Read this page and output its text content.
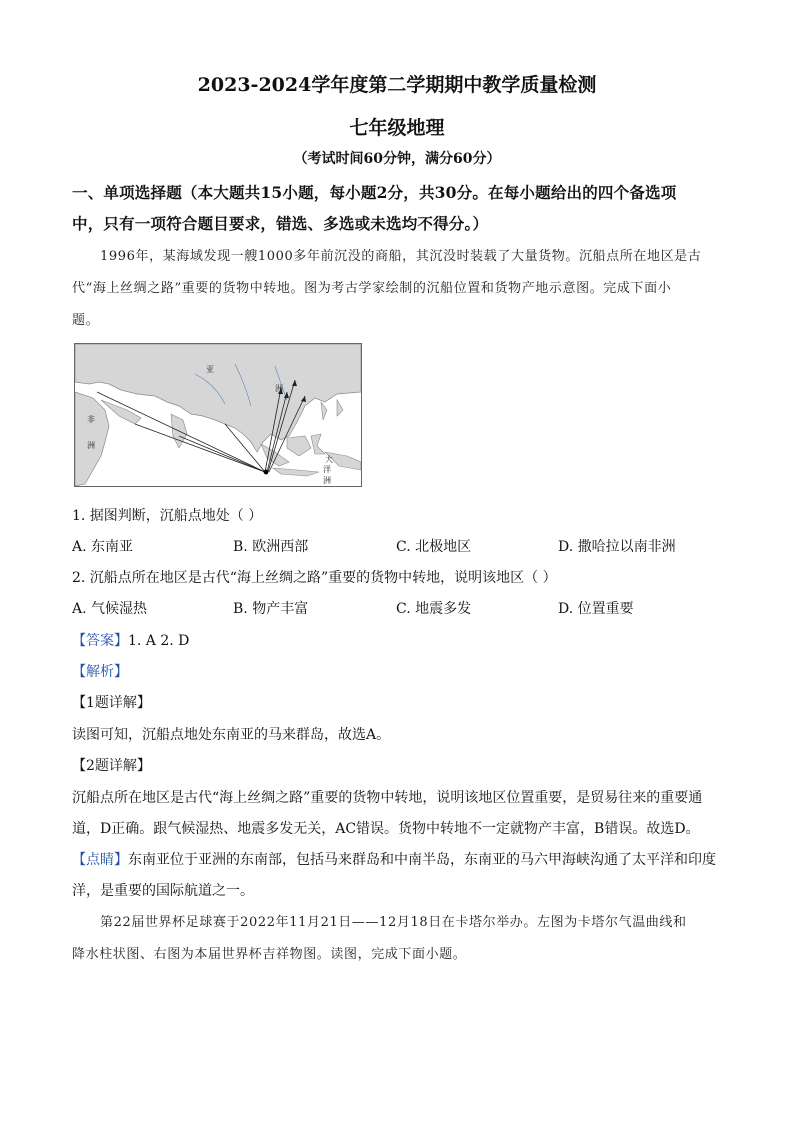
2023-2024学年度第二学期期中教学质量检测
七年级地理
（考试时间60分钟，满分60分）
一、单项选择题（本大题共15小题，每小题2分，共30分。在每小题给出的四个备选项
中，只有一项符合题目要求，错选、多选或未选均不得分。）
1996年，某海域发现一艘1000多年前沉没的商船，其沉没时装载了大量货物。沉船点所在地区是古
代“海上丝绸之路”重要的货物中转地。图为考古学家绘制的沉船位置和货物产地示意图。完成下面小
题。
亚
洲
非
洲
大
洋
洲
1. 据图判断，沉船点地处（ ）
A. 东南亚	B. 欧洲西部	C. 北极地区	D. 撒哈拉以南非洲
2. 沉船点所在地区是古代“海上丝绸之路”重要的货物中转地，说明该地区（ ）
A. 气候湿热	B. 物产丰富	C. 地震多发	D. 位置重要
【答案】1. A 2. D
【解析】
【1题详解】
读图可知，沉船点地处东南亚的马来群岛，故选A。
【2题详解】
沉船点所在地区是古代“海上丝绸之路”重要的货物中转地，说明该地区位置重要，是贸易往来的重要通
道，D正确。跟气候湿热、地震多发无关，AC错误。货物中转地不一定就物产丰富，B错误。故选D。
【点睛】东南亚位于亚洲的东南部，包括马来群岛和中南半岛，东南亚的马六甲海峡沟通了太平洋和印度
洋，是重要的国际航道之一。
第22届世界杯足球赛于2022年11月21日——12月18日在卡塔尔举办。左图为卡塔尔气温曲线和
降水柱状图、右图为本届世界杯吉祥物图。读图，完成下面小题。
